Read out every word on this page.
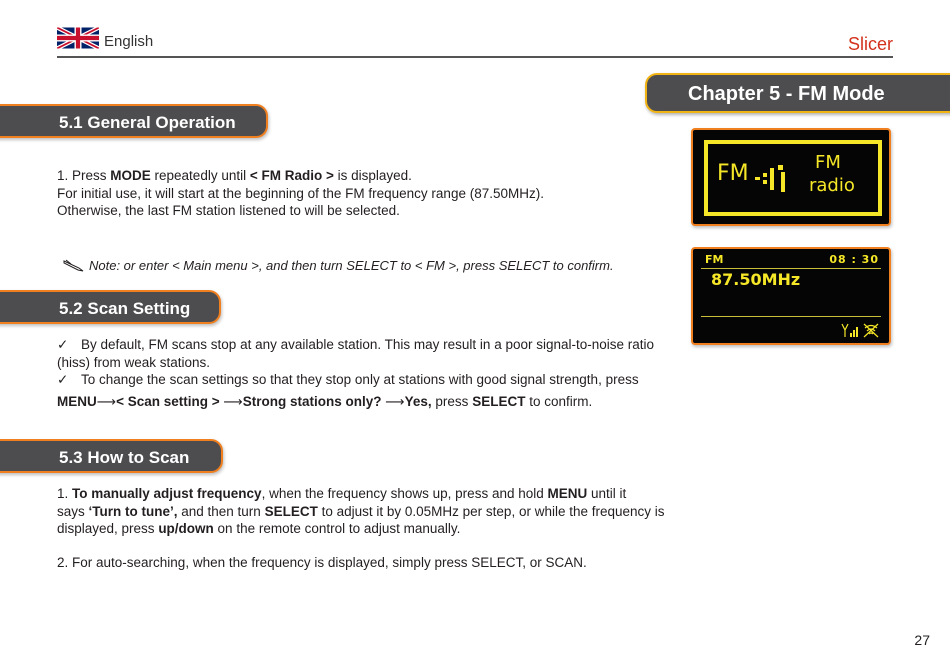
English	Slicer
Chapter 5 - FM Mode
5.1 General Operation
1. Press MODE repeatedly until < FM Radio > is displayed.
For initial use, it will start at the beginning of the FM frequency range (87.50MHz).
Otherwise, the last FM station listened to will be selected.
Note: or enter < Main menu >, and then turn SELECT to < FM >, press SELECT to confirm.
5.2 Scan Setting
✓ By default, FM scans stop at any available station. This may result in a poor signal-to-noise ratio
(hiss) from weak stations.
✓ To change the scan settings so that they stop only at stations with good signal strength, press
MENU⟶< Scan setting > ⟶Strong stations only? ⟶Yes, press SELECT to confirm.
5.3 How to Scan
1. To manually adjust frequency, when the frequency shows up, press and hold MENU until it
says ‘Turn to tune’, and then turn SELECT to adjust it by 0.05MHz per step, or while the frequency is
displayed, press up/down on the remote control to adjust manually.
2. For auto-searching, when the frequency is displayed, simply press SELECT, or SCAN.
FM	FM
radio
FM	08 : 30
87.50MHz
27
